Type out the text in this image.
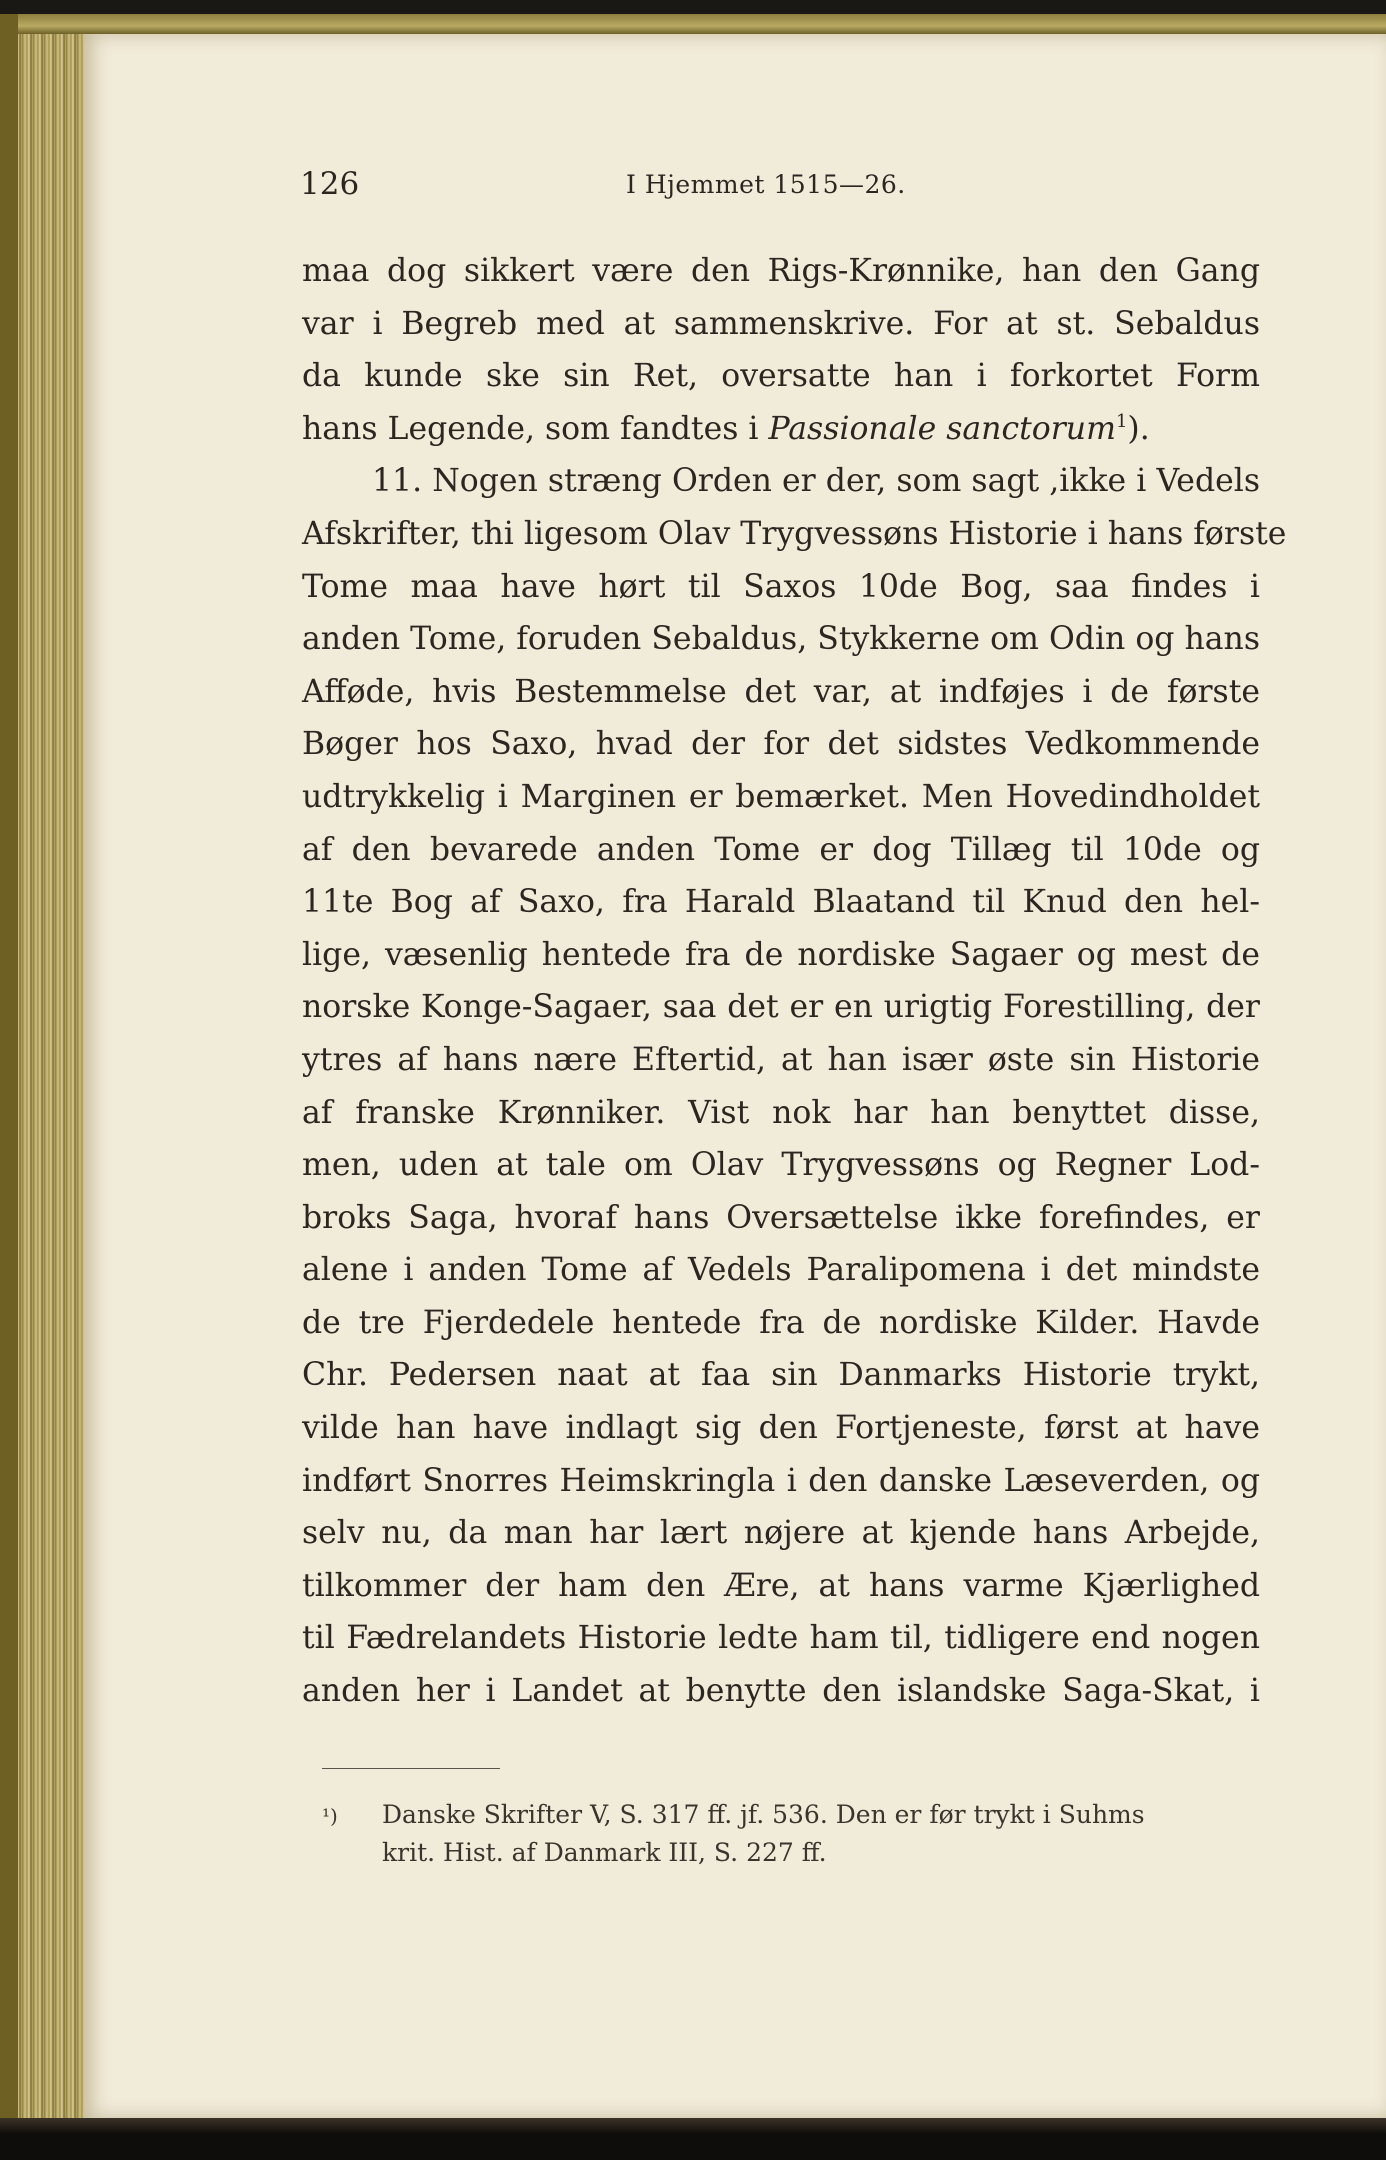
126	I Hjemmet 1515—26.
maa dog sikkert være den Rigs-Krønnike, han den Gang
var i Begreb med at sammenskrive. For at st. Sebaldus
da kunde ske sin Ret, oversatte han i forkortet Form
hans Legende, som fandtes i Passionale sanctorum$^1$).
11. Nogen stræng Orden er der, som sagt ,ikke i Vedels
Afskrifter, thi ligesom Olav Trygvessøns Historie i hans første
Tome maa have hørt til Saxos 10de Bog, saa findes i
anden Tome, foruden Sebaldus, Stykkerne om Odin og hans
Afføde, hvis Bestemmelse det var, at indføjes i de første
Bøger hos Saxo, hvad der for det sidstes Vedkommende
udtrykkelig i Marginen er bemærket. Men Hovedindholdet
af den bevarede anden Tome er dog Tillæg til 10de og
11te Bog af Saxo, fra Harald Blaatand til Knud den hel-
lige, væsenlig hentede fra de nordiske Sagaer og mest de
norske Konge-Sagaer, saa det er en urigtig Forestilling, der
ytres af hans nære Eftertid, at han især øste sin Historie
af franske Krønniker. Vist nok har han benyttet disse,
men, uden at tale om Olav Trygvessøns og Regner Lod-
broks Saga, hvoraf hans Oversættelse ikke forefindes, er
alene i anden Tome af Vedels Paralipomena i det mindste
de tre Fjerdedele hentede fra de nordiske Kilder. Havde
Chr. Pedersen naat at faa sin Danmarks Historie trykt,
vilde han have indlagt sig den Fortjeneste, først at have
indført Snorres Heimskringla i den danske Læseverden, og
selv nu, da man har lært nøjere at kjende hans Arbejde,
tilkommer der ham den Ære, at hans varme Kjærlighed
til Fædrelandets Historie ledte ham til, tidligere end nogen
anden her i Landet at benytte den islandske Saga-Skat, i
¹) Danske Skrifter V, S. 317 ff. jf. 536. Den er før trykt i Suhms
krit. Hist. af Danmark III, S. 227 ff.
